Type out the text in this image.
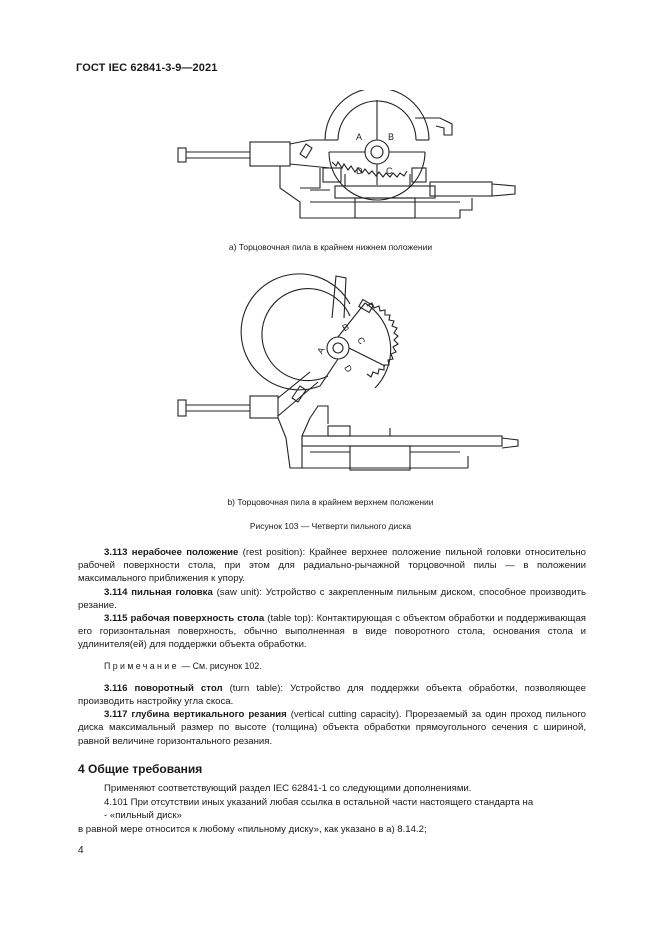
ГОСТ IEC 62841-3-9—2021
A	B
C
D
а) Торцовочная пила в крайнем нижнем положении
A
B
C
D
b) Торцовочная пила в крайнем верхнем положении
Рисунок 103 — Четверти пильного диска

3.113 нерабочее положение (rest position): Крайнее верхнее положение пильной головки относительно рабочей поверхности стола, при этом для радиально-рычажной торцовочной пилы — в положении максимального приближения к упору.

3.114 пильная головка (saw unit): Устройство с закрепленным пильным диском, способное производить резание.

3.115 рабочая поверхность стола (table top): Контактирующая с объектом обработки и поддерживающая его горизонтальная поверхность, обычно выполненная в виде поворотного стола, основания стола и удлинителя(ей) для поддержки объекта обработки.

Примечание — См. рисунок 102.

3.116 поворотный стол (turn table): Устройство для поддержки объекта обработки, позволяющее производить настройку угла скоса.

3.117 глубина вертикального резания (vertical cutting capacity). Прорезаемый за один проход пильного диска максимальный размер по высоте (толщина) объекта обработки прямоугольного сечения с шириной, равной величине горизонтального резания.

4 Общие требования

Применяют соответствующий раздел IEC 62841-1 со следующими дополнениями.

4.101 При отсутствии иных указаний любая ссылка в остальной части настоящего стандарта на

- «пильный диск»

в равной мере относится к любому «пильному диску», как указано в а) 8.14.2;

4
